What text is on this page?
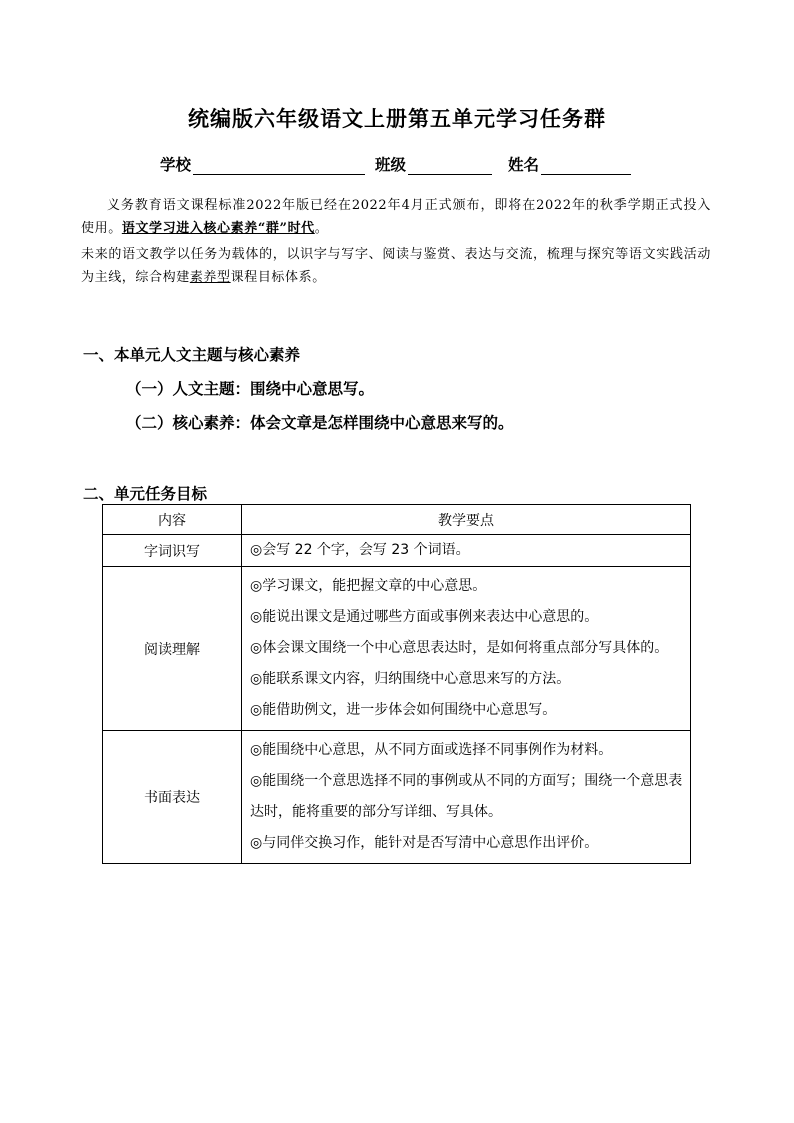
统编版六年级语文上册第五单元学习任务群
学校	班级	姓名
义务教育语文课程标准2022年版已经在2022年4月正式颁布，即将在2022年的秋季学期正式投入使用。语文学习进入核心素养“群”时代。
未来的语文教学以任务为载体的，以识字与写字、阅读与鉴赏、表达与交流，梳理与探究等语文实践活动为主线，综合构建素养型课程目标体系。
一、本单元人文主题与核心素养
（一）人文主题：围绕中心意思写。
（二）核心素养：体会文章是怎样围绕中心意思来写的。
二、单元任务目标
内容	教学要点
字词识写	◎会写 22 个字，会写 23 个词语。

阅读理解	◎学习课文，能把握文章的中心意思。
◎能说出课文是通过哪些方面或事例来表达中心意思的。
◎体会课文围绕一个中心意思表达时，是如何将重点部分写具体的。
◎能联系课文内容，归纳围绕中心意思来写的方法。
◎能借助例文，进一步体会如何围绕中心意思写。

书面表达	◎能围绕中心意思，从不同方面或选择不同事例作为材料。
◎能围绕一个意思选择不同的事例或从不同的方面写；围绕一个意思表达时，能将重要的部分写详细、写具体。
◎与同伴交换习作，能针对是否写清中心意思作出评价。
